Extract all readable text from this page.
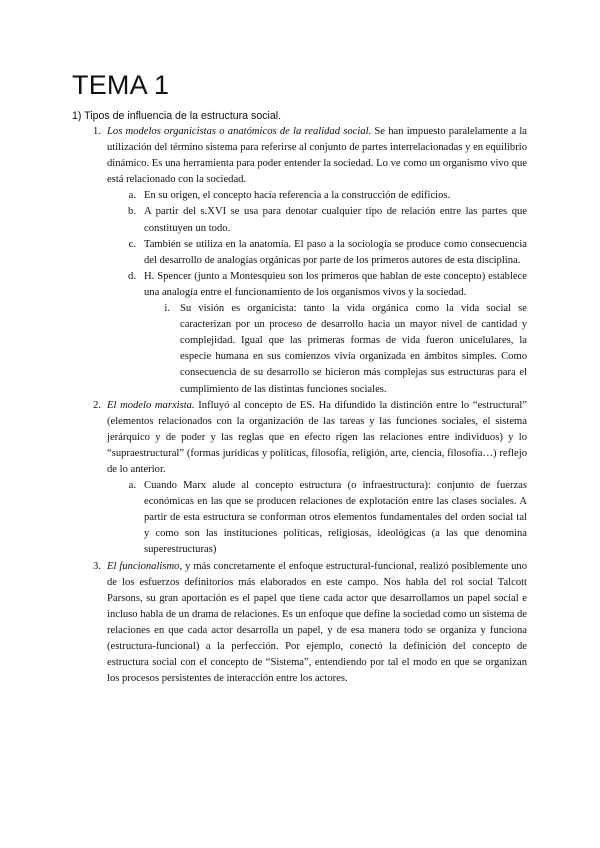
TEMA 1

1) Tipos de influencia de la estructura social.

1. Los modelos organicistas o anatómicos de la realidad social. Se han impuesto paralelamente a la utilización del término sistema para referirse al conjunto de partes interrelacionadas y en equilibrio dinámico. Es una herramienta para poder entender la sociedad. Lo ve como un organismo vivo que está relacionado con la sociedad.

a. En su origen, el concepto hacía referencia a la construcción de edificios.

b. A partir del s.XVI se usa para denotar cualquier tipo de relación entre las partes que constituyen un todo.

c. También se utiliza en la anatomía. El paso a la sociología se produce como consecuencia del desarrollo de analogías orgánicas por parte de los primeros autores de esta disciplina.

d. H. Spencer (junto a Montesquieu son los primeros que hablan de este concepto) establece una analogía entre el funcionamiento de los organismos vivos y la sociedad.

i. Su visión es organicista: tanto la vida orgánica como la vida social se caracterizan por un proceso de desarrollo hacia un mayor nivel de cantidad y complejidad. Igual que las primeras formas de vida fueron unicelulares, la especie humana en sus comienzos vivía organizada en ámbitos simples. Como consecuencia de su desarrollo se hicieron más complejas sus estructuras para el cumplimiento de las distintas funciones sociales.

2. El modelo marxista. Influyó al concepto de ES. Ha difundido la distinción entre lo “estructural” (elementos relacionados con la organización de las tareas y las funciones sociales, el sistema jerárquico y de poder y las reglas que en efecto rigen las relaciones entre individuos) y lo “supraestructural” (formas jurídicas y políticas, filosofía, religión, arte, ciencia, filosofía…) reflejo de lo anterior.

a. Cuando Marx alude al concepto estructura (o infraestructura): conjunto de fuerzas económicas en las que se producen relaciones de explotación entre las clases sociales. A partir de esta estructura se conforman otros elementos fundamentales del orden social tal y como son las instituciones políticas, religiosas, ideológicas (a las que denomina superestructuras)

3. El funcionalismo, y más concretamente el enfoque estructural-funcional, realizó posiblemente uno de los esfuerzos definitorios más elaborados en este campo. Nos habla del rol social Talcott Parsons, su gran aportación es el papel que tiene cada actor que desarrollamos un papel social e incluso habla de un drama de relaciones. Es un enfoque que define la sociedad como un sistema de relaciones en que cada actor desarrolla un papel, y de esa manera todo se organiza y funciona (estructura-funcional) a la perfección. Por ejemplo, conectó la definición del concepto de estructura social con el concepto de “Sistema”, entendiendo por tal el modo en que se organizan los procesos persistentes de interacción entre los actores.
